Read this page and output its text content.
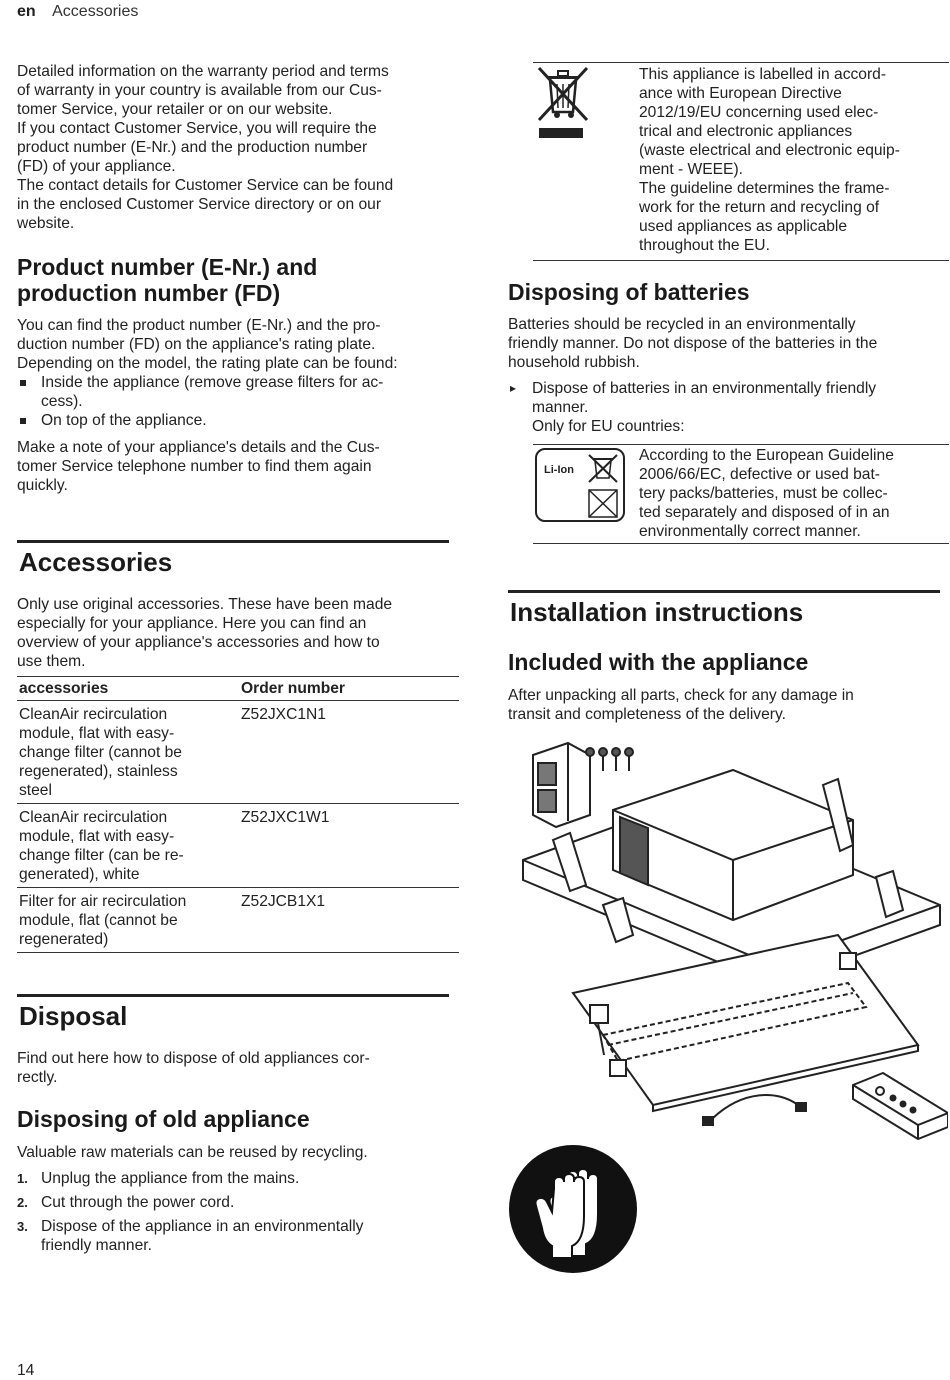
en Accessories

Detailed information on the warranty period and terms

of warranty in your country is available from our Cus-

tomer Service, your retailer or on our website.

If you contact Customer Service, you will require the

product number (E-Nr.) and the production number

(FD) of your appliance.

The contact details for Customer Service can be found

in the enclosed Customer Service directory or on our

website.

Product number (E-Nr.) and

production number (FD)

You can find the product number (E-Nr.) and the pro-

duction number (FD) on the appliance's rating plate.

Depending on the model, the rating plate can be found:

Inside the appliance (remove grease filters for ac-
cess).
On top of the appliance.

Make a note of your appliance's details and the Cus-

tomer Service telephone number to find them again

quickly.

Accessories

Only use original accessories. These have been made

especially for your appliance. Here you can find an

overview of your appliance's accessories and how to

use them.

accessories	Order number
CleanAir recirculation
module, flat with easy-
change filter (cannot be
regenerated), stainless
steel	Z52JXC1N1
CleanAir recirculation
module, flat with easy-
change filter (can be re-
generated), white	Z52JXC1W1
Filter for air recirculation
module, flat (cannot be
regenerated)	Z52JCB1X1

Disposal

Find out here how to dispose of old appliances cor-

rectly.

Disposing of old appliance

Valuable raw materials can be reused by recycling.

1. Unplug the appliance from the mains.
2. Cut through the power cord.
3. Dispose of the appliance in an environmentally
friendly manner.
14

This appliance is labelled in accord-

ance with European Directive

2012/19/EU concerning used elec-

trical and electronic appliances

(waste electrical and electronic equip-

ment - WEEE).

The guideline determines the frame-

work for the return and recycling of

used appliances as applicable

throughout the EU.

Disposing of batteries

Batteries should be recycled in an environmentally

friendly manner. Do not dispose of the batteries in the

household rubbish.

▸ Dispose of batteries in an environmentally friendly
manner.
Only for EU countries:
Li-Ion

According to the European Guideline

2006/66/EC, defective or used bat-

tery packs/batteries, must be collec-

ted separately and disposed of in an

environmentally correct manner.

Installation instructions

Included with the appliance

After unpacking all parts, check for any damage in

transit and completeness of the delivery.
